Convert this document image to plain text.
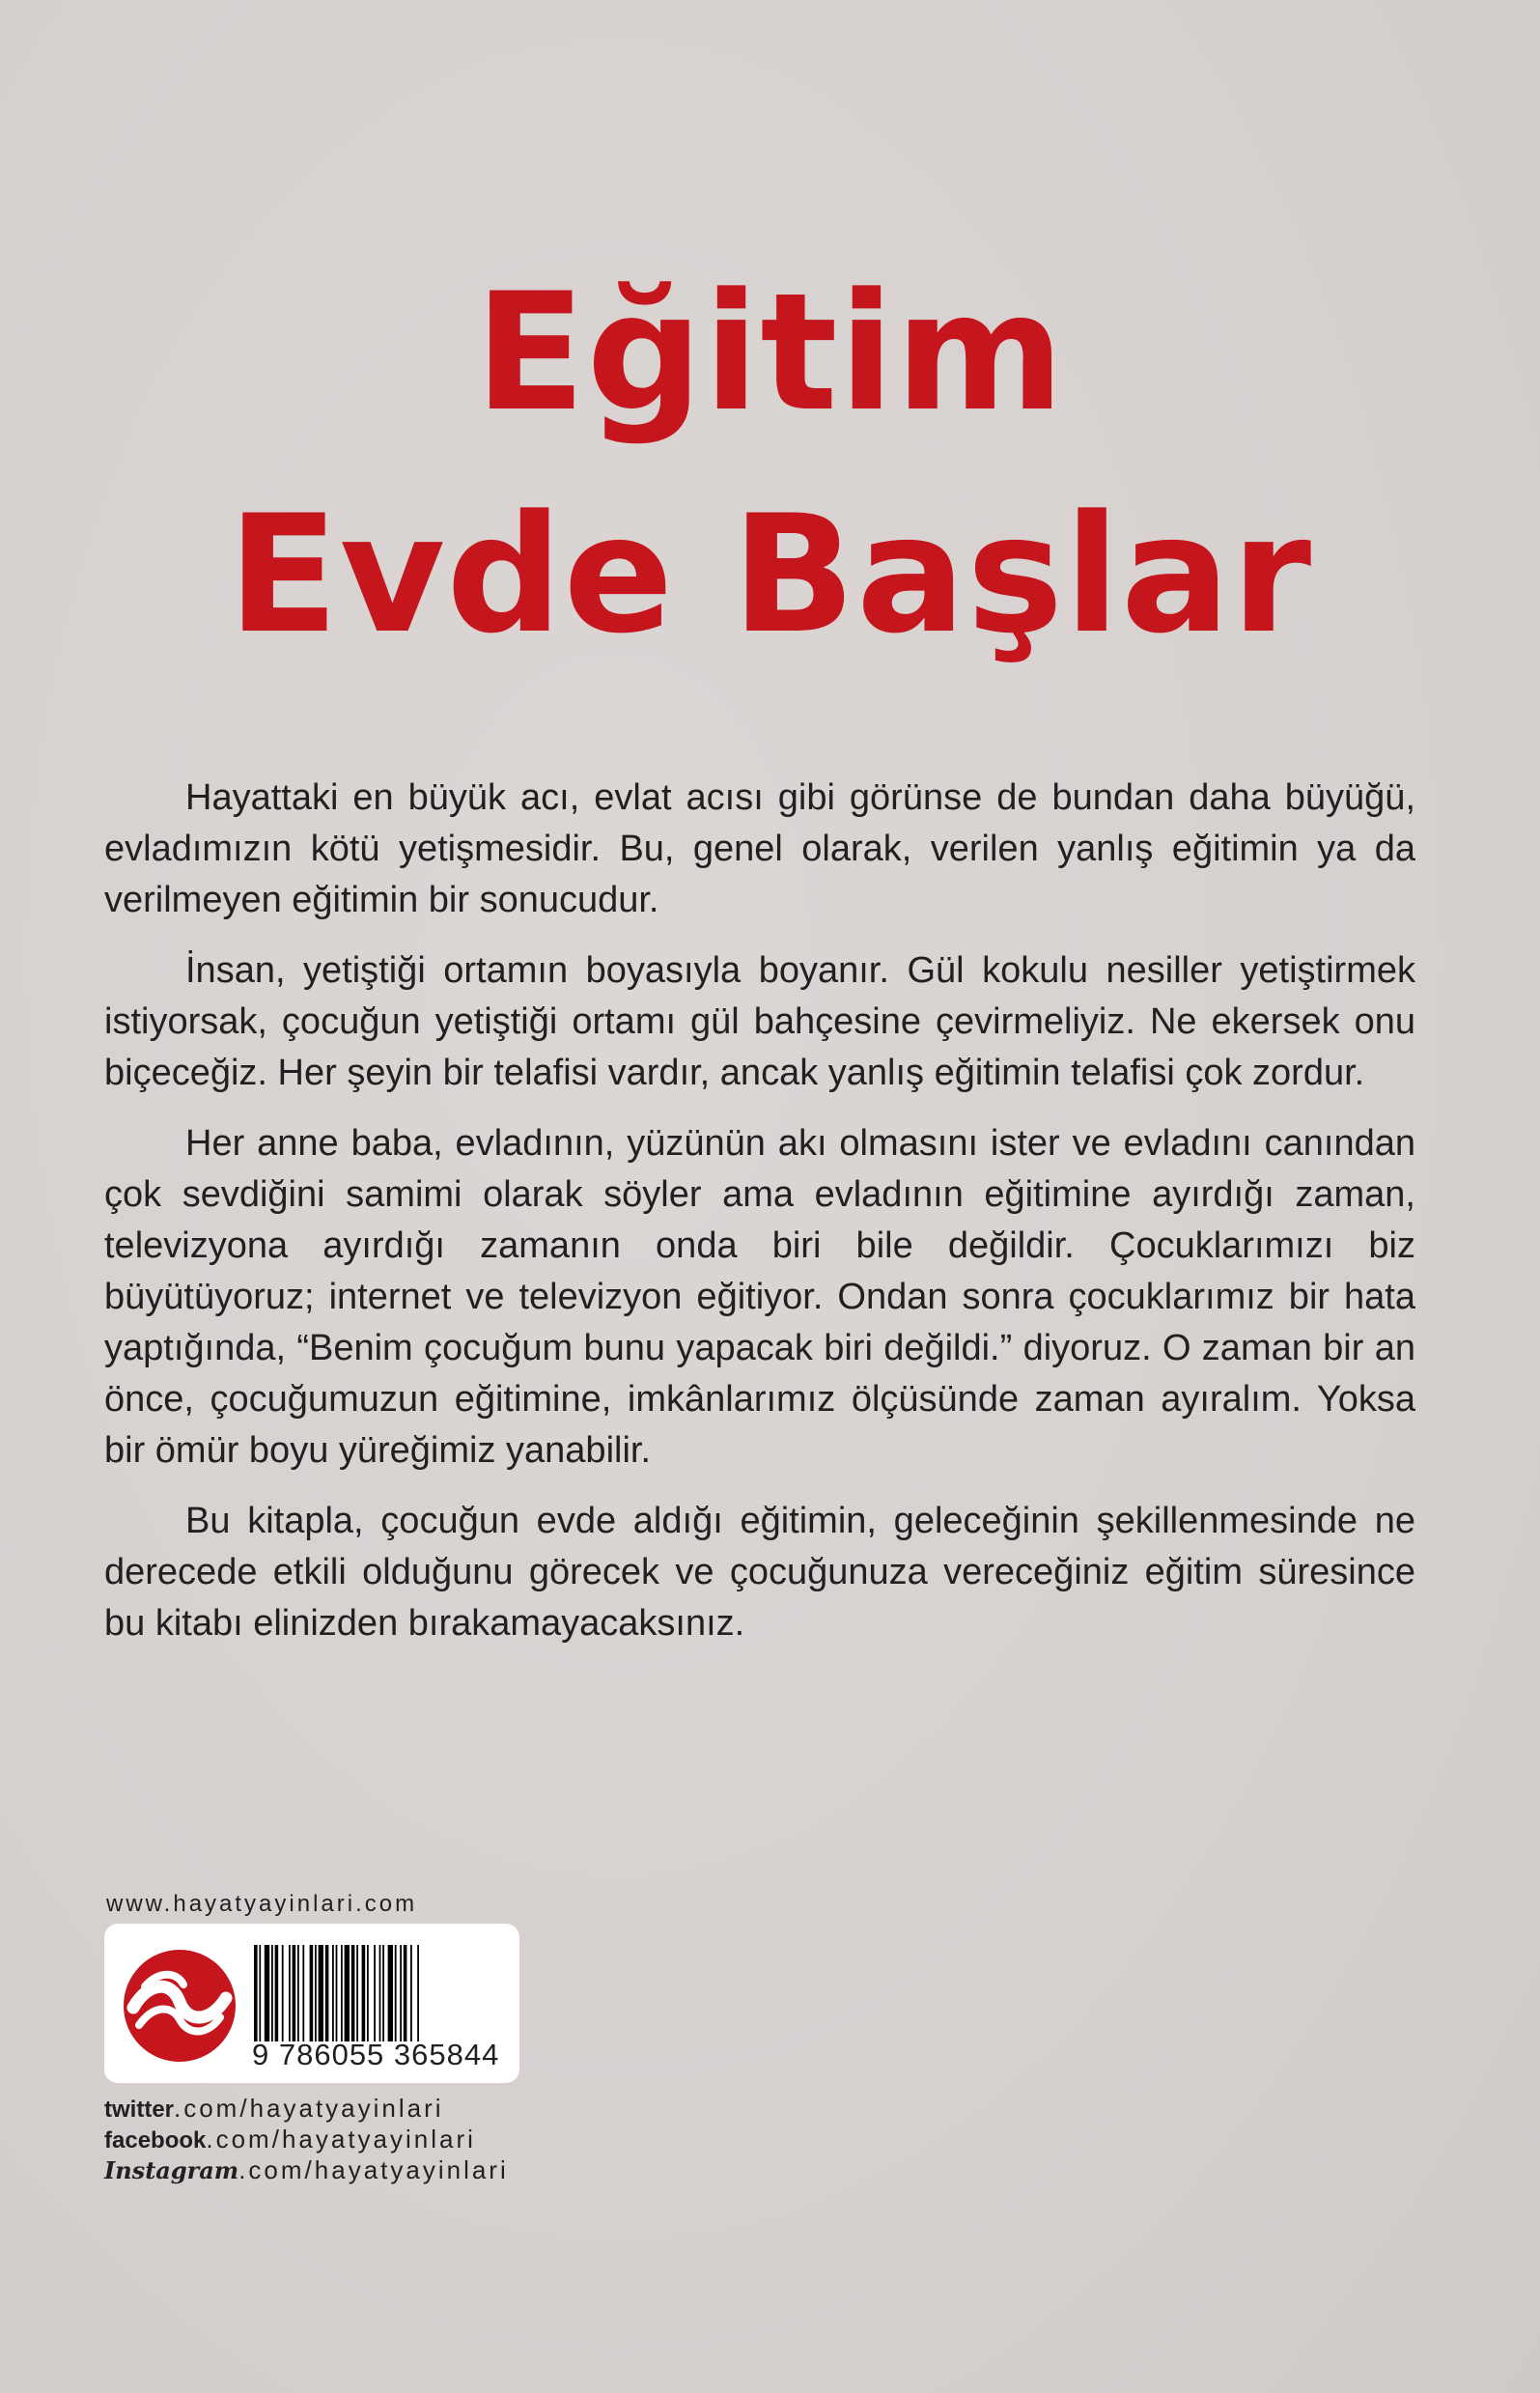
Eğitim
Evde Başlar

Hayattaki en büyük acı, evlat acısı gibi görünse de bundan daha büyüğü, evladımızın kötü yetişmesidir. Bu, genel olarak, verilen yanlış eğitimin ya da verilmeyen eğitimin bir sonucudur.

İnsan, yetiştiği ortamın boyasıyla boyanır. Gül kokulu nesiller yetiştirmek istiyorsak, çocuğun yetiştiği ortamı gül bahçesine çevirmeliyiz. Ne ekersek onu biçeceğiz. Her şeyin bir telafisi vardır, ancak yanlış eğitimin telafisi çok zordur.

Her anne baba, evladının, yüzünün akı olmasını ister ve evladını canından çok sevdiğini samimi olarak söyler ama evladının eğitimine ayırdığı zaman, televizyona ayırdığı zamanın onda biri bile değildir. Çocuklarımızı biz büyütüyoruz; internet ve televizyon eğitiyor. Ondan sonra çocuklarımız bir hata yaptığında, “Benim çocuğum bunu yapacak biri değildi.” diyoruz. O zaman bir an önce, çocuğumuzun eğitimine, imkânlarımız ölçüsünde zaman ayıralım. Yoksa bir ömür boyu yüreğimiz yanabilir.

Bu kitapla, çocuğun evde aldığı eğitimin, geleceğinin şekillenmesinde ne derecede etkili olduğunu görecek ve çocuğunuza vereceğiniz eğitim süresince bu kitabı elinizden bırakamayacaksınız.

www.hayatyayinlari.com
9 786055 365844
twitter.com/hayatyayinlari
facebook.com/hayatyayinlari
Instagram.com/hayatyayinlari
